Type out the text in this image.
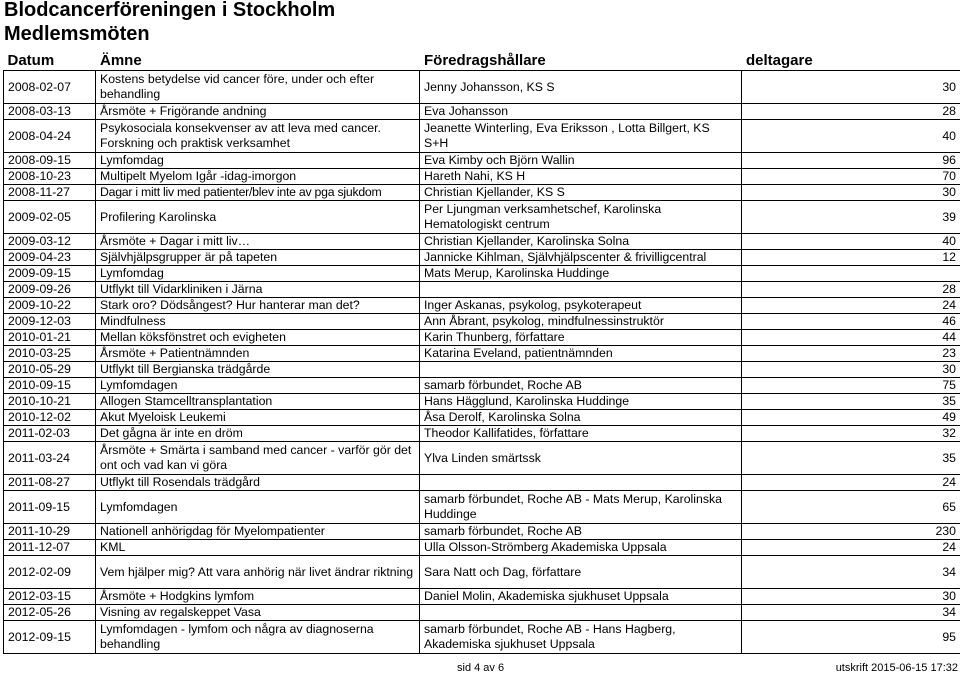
Blodcancerföreningen i Stockholm
Medlemsmöten
Datum	Ämne	Föredragshållare	deltagare
2008-02-07	Kostens betydelse vid cancer före, under och efter behandling	Jenny Johansson, KS S	30
2008-03-13	Årsmöte + Frigörande andning	Eva Johansson	28
2008-04-24	Psykosociala konsekvenser av att leva med cancer. Forskning och praktisk verksamhet	Jeanette Winterling, Eva Eriksson , Lotta Billgert, KS S+H	40
2008-09-15	Lymfomdag	Eva Kimby och Björn Wallin	96
2008-10-23	Multipelt Myelom Igår -idag-imorgon	Hareth Nahi, KS H	70
2008-11-27	Dagar i mitt liv med patienter/blev inte av pga sjukdom	Christian Kjellander, KS S	30
2009-02-05	Profilering Karolinska	Per Ljungman verksamhetschef, Karolinska Hematologiskt centrum	39
2009-03-12	Årsmöte + Dagar i mitt liv…	Christian Kjellander, Karolinska Solna	40
2009-04-23	Självhjälpsgrupper är på tapeten	Jannicke Kihlman, Självhjälpscenter & frivilligcentral	12
2009-09-15	Lymfomdag	Mats Merup, Karolinska Huddinge	
2009-09-26	Utflykt till Vidarkliniken i Järna		28
2009-10-22	Stark oro? Dödsångest? Hur hanterar man det?	Inger Askanas, psykolog, psykoterapeut	24
2009-12-03	Mindfulness	Ann Åbrant, psykolog, mindfulnessinstruktör	46
2010-01-21	Mellan köksfönstret och evigheten	Karin Thunberg, författare	44
2010-03-25	Årsmöte + Patientnämnden	Katarina Eveland, patientnämnden	23
2010-05-29	Utflykt till Bergianska trädgårde		30
2010-09-15	Lymfomdagen	samarb förbundet, Roche AB	75
2010-10-21	Allogen Stamcelltransplantation	Hans Hägglund, Karolinska Huddinge	35
2010-12-02	Akut Myeloisk Leukemi	Åsa Derolf, Karolinska Solna	49
2011-02-03	Det gågna är inte en dröm	Theodor Kallifatides, författare	32
2011-03-24	Årsmöte + Smärta i samband med cancer - varför gör det ont och vad kan vi göra	Ylva Linden smärtssk	35
2011-08-27	Utflykt till Rosendals trädgård		24
2011-09-15	Lymfomdagen	samarb förbundet, Roche AB - Mats Merup, Karolinska Huddinge	65
2011-10-29	Nationell anhörigdag för Myelompatienter	samarb förbundet, Roche AB	230
2011-12-07	KML	Ulla Olsson-Strömberg Akademiska Uppsala	24
2012-02-09	Vem hjälper mig? Att vara anhörig när livet ändrar riktning	Sara Natt och Dag, författare	34
2012-03-15	Årsmöte + Hodgkins lymfom	Daniel Molin, Akademiska sjukhuset Uppsala	30
2012-05-26	Visning av regalskeppet Vasa		34
2012-09-15	Lymfomdagen - lymfom och några av diagnoserna behandling	samarb förbundet, Roche AB - Hans Hagberg, Akademiska sjukhuset Uppsala	95
sid 4 av 6	utskrift 2015-06-15 17:32
